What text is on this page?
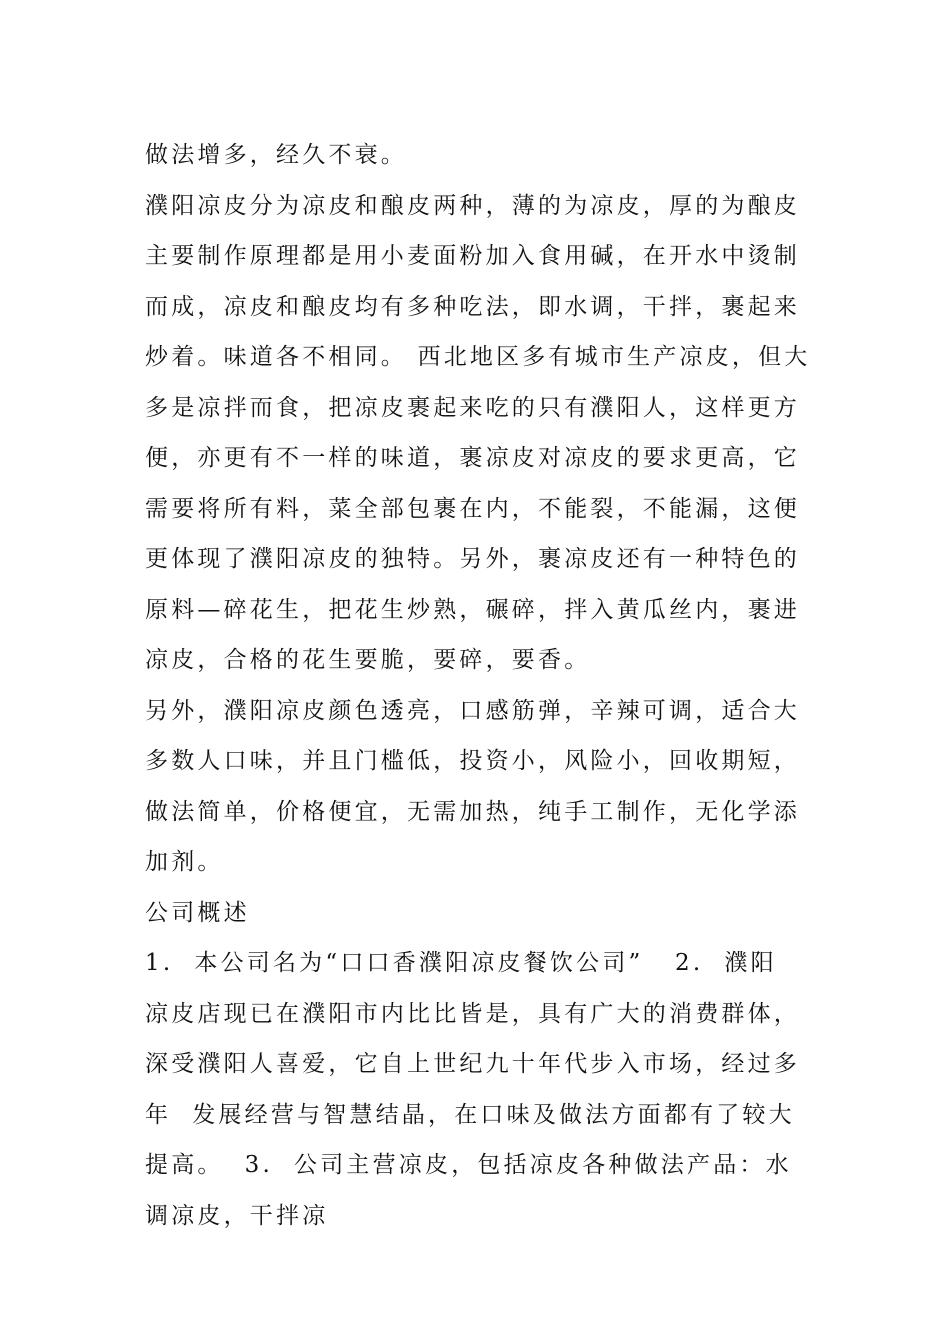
做法增多，经久不衰。
濮阳凉皮分为凉皮和酿皮两种，薄的为凉皮，厚的为酿皮
主要制作原理都是用小麦面粉加入食用碱，在开水中烫制
而成，凉皮和酿皮均有多种吃法，即水调，干拌，裹起来
炒着。味道各不相同。 西北地区多有城市生产凉皮，但大
多是凉拌而食，把凉皮裹起来吃的只有濮阳人，这样更方
便，亦更有不一样的味道，裹凉皮对凉皮的要求更高，它
需要将所有料，菜全部包裹在内，不能裂，不能漏，这便
更体现了濮阳凉皮的独特。另外，裹凉皮还有一种特色的
原料—碎花生，把花生炒熟，碾碎，拌入黄瓜丝内，裹进
凉皮，合格的花生要脆，要碎，要香。
另外，濮阳凉皮颜色透亮，口感筋弹，辛辣可调，适合大
多数人口味，并且门槛低，投资小，风险小，回收期短，
做法简单，价格便宜，无需加热，纯手工制作，无化学添
加剂。
公司概述
1.  本公司名为“口口香濮阳凉皮餐饮公司”   2.  濮阳
凉皮店现已在濮阳市内比比皆是，具有广大的消费群体，
深受濮阳人喜爱，它自上世纪九十年代步入市场，经过多
年  发展经营与智慧结晶，在口味及做法方面都有了较大
提高。  3.  公司主营凉皮，包括凉皮各种做法产品：水
调凉皮，干拌凉
